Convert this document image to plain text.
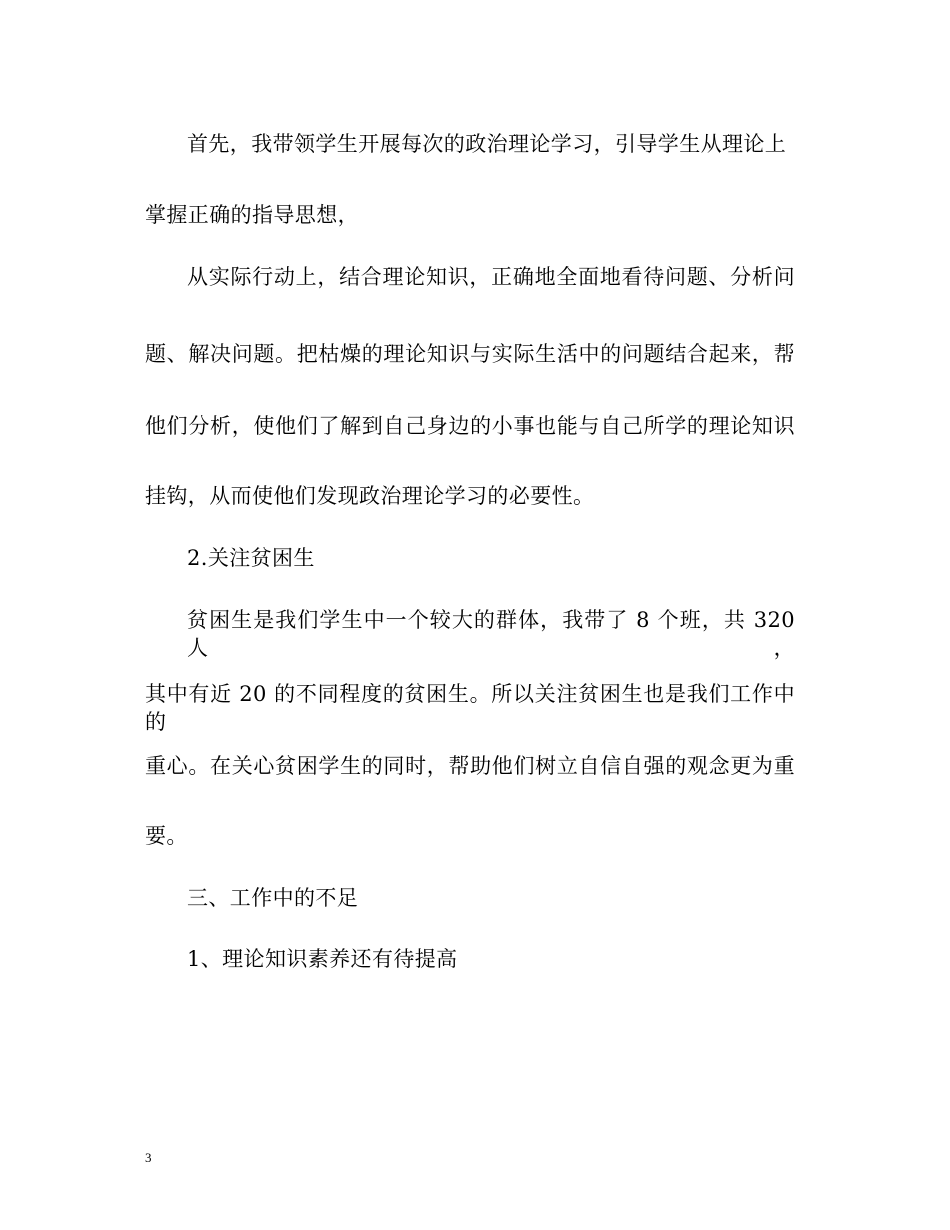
首先，我带领学生开展每次的政治理论学习，引导学生从理论上
掌握正确的指导思想，
从实际行动上，结合理论知识，正确地全面地看待问题、分析问
题、解决问题。把枯燥的理论知识与实际生活中的问题结合起来，帮
他们分析，使他们了解到自己身边的小事也能与自己所学的理论知识
挂钩，从而使他们发现政治理论学习的必要性。
2.关注贫困生
贫困生是我们学生中一个较大的群体，我带了 8 个班，共 320 人，
其中有近 20 的不同程度的贫困生。所以关注贫困生也是我们工作中的
重心。在关心贫困学生的同时，帮助他们树立自信自强的观念更为重
要。
三、工作中的不足
1、理论知识素养还有待提高
3
